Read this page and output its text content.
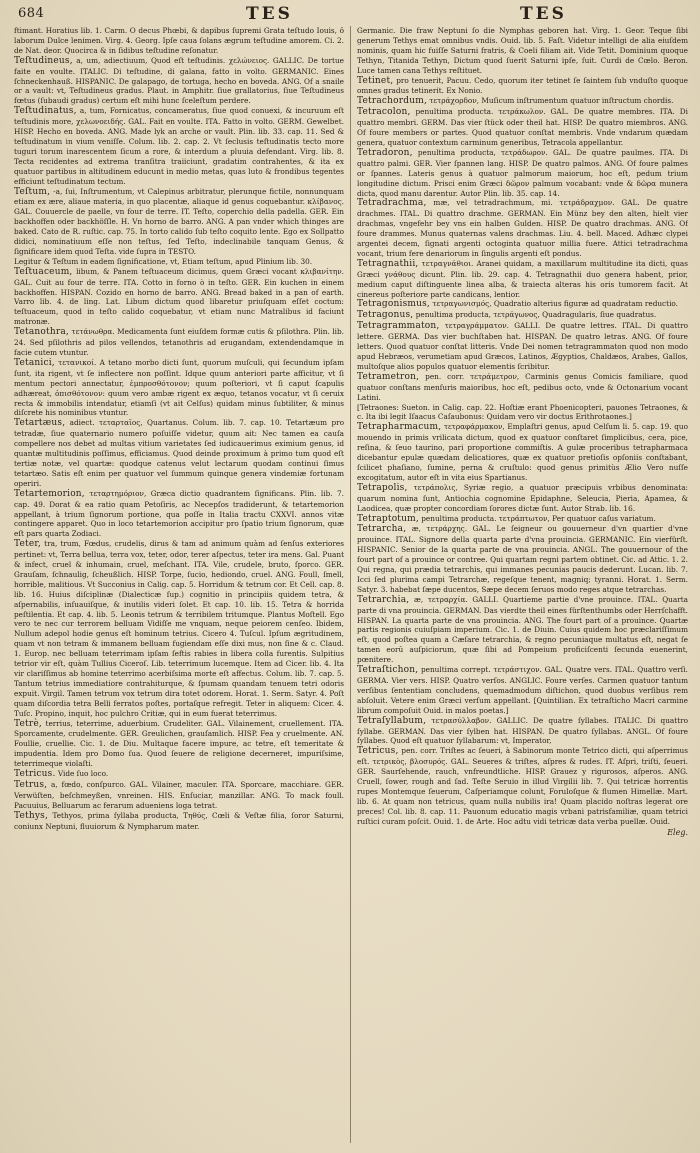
684	TES	TES

ftimant. Horatius lib. 1. Carm. O decus Phœbi, & dapibus ſupremi Grata teſtudo Iouis, ô laborum Dulce lenimen. Virg. 4. Georg. Ipſe caua ſolans ægrum teſtudine amorem. Ci. 2. de Nat. deor. Quocirca & in ſidibus teſtudine reſonatur.

Teſtudineus, a, um, adiectiuum, Quod eſt teſtudinis. χελώνειος. GALLIC. De tortue faite en voulte. ITALIC. Di teſtudine, di galana, fatto in volto. GERMANIC. Eines ſchneckenhauß. HISPANIC. De galapago, de tortuga, hecho en boveda. ANG. Of a snaile or a vault: vt, Teſtudineus gradus. Plaut. in Amphitr. ſiue grallatorius, ſiue Teſtudineus fœtus (ſubaudi gradus) certum eſt mihi hunc ſceleſtum perdere.

Teſtudinatus, a, tum, Fornicatus, concameratus, ſiue quod conuexi, & incuruum eſt teſtudinis more, χελωνοειδής. GAL. Fait en voulte. ITA. Fatto in volto. GERM. Gewelbet. HISP. Hecho en boveda. ANG. Made lyk an arche or vault. Plin. lib. 33. cap. 11. Sed & teſtudinatum in vium veniſſe. Colum. lib. 2. cap. 2. Vt ſeclusis teſtudinatis tecto more tuguri torum inarescentem ſicum a rore, & interdum a pluuia defendant. Virg. lib. 8. Tecta recidentes ad extrema tranſitra traiiciunt, gradatim contrahentes, & ita ex quatuor partibus in altitudinem educunt in medio metas, quas luto & frondibus tegentes efficiunt teſtudinatum tectum.

Teſtum, -a, ſui, Inſtrumentum, vt Calepinus arbitratur, plerunque fictile, nonnunquam etiam ex ære, aliaue materia, in quo placentæ, aliaque id genus coquebantur. κλίβανος. GAL. Couuercle de paelle, vn four de terre. IT. Teſto, coperchio della padella. GER. Ein backhoffen oder backhöſſle. H. Vn horno de barro. ANG. A pan vnder which thinges are baked. Cato de R. ruſtic. cap. 75. In torto calido ſub teſto coquito lente. Ego ex Sollpatto didici, nominatiuum eſſe non teſtus, ſed Teſto, indeclinabile tanquam Genus, & ſignificare idem quod Teſta. vide ſupra in TESTO.

Legitur & Teſtum in eadem ſignificatione, vt, Etiam teſtum, apud Plinium lib. 30.

Teſtuaceum, libum, & Panem teſtuaceum dicimus, quem Græci vocant κλιβανίτην. GAL. Cuit au four de terre. ITA. Cotto in forno ò in teſto. GER. Ein kuchen in einem backhoffen. HISPAN. Cozido en horno de barro. ANG. Bread baked in a pan of earth. Varro lib. 4. de ling. Lat. Libum dictum quod libaretur priuſquam eſſet coctum: teſtuaceum, quod in teſto calido coquebatur, vt etiam nunc Matralibus id faciunt matronæ.

Tetanothra, τετάνωθρα. Medicamenta ſunt eiuſdem formæ cutis & pſilothra. Plin. lib. 24. Sed pſilothris ad pilos vellendos, tetanothris ad erugandam, extendendamque in facie cutem vtuntur.

Tetanici, τετανικοί. A tetano morbo dicti ſunt, quorum muſculi, qui ſecundum ipſam ſunt, ita rigent, vt ſe inflectere non poſſint. Idque quum anteriori parte afficitur, vt ſi mentum pectori annectatur, ἐμπροσθότονον; quum poſteriori, vt ſi caput ſcapulis adhæreat, ὀπισθότονον: quum vero ambæ rigent ex æquo, tetanos vocatur, vt ſi ceruix recta & immobilis intendatur, etiamſi (vt ait Celſus) quidam minus ſubtiliter, & minus diſcrete his nominibus vtuntur.

Tetartæus, adiect. τεταρταῖος, Quartanus. Colum. lib. 7. cap. 10. Tetartæum pro tetradæ, ſiue quaternario numero poſuiſſe videtur, quum ait: Nec tamen ea cauſa compellere nos debet ad multas vitium varietates ſed iudicauerimus eximium genus, id quantæ multitudinis poſſimus, efficiamus. Quod deinde proximum à primo tum quod eſt tertiæ notæ, vel quartæ: quodque catenus velut lectarum quodam continui ſimus tetartæo. Satis eſt enim per quatuor vel ſummum quinque genera vindemiæ fortunam operiri.

Tetartemorion, τεταρτημόριον, Græca dictio quadrantem ſignificans. Plin. lib. 7. cap. 49. Dorat & ea ratio quam Petoſiris, ac Necepſos tradiderunt, & tetartemorion appellant, à trium ſignorum portione, qua poſſe in Italia tractu CXXVI. annos vitæ contingere apparet. Quo in loco tetartemorion accipitur pro ſpatio trium ſignorum, quæ eſt pars quarta Zodiaci.

Teter, tra, trum, Fœdus, crudelis, dirus & tam ad animum quàm ad ſenſus exteriores pertinet: vt, Terra bellua, terra vox, teter, odor, terer aſpectus, teter ira mens. Gal. Puant & infect, cruel & inhumain, cruel, meſchant. ITA. Vile, crudele, bruto, ſporco. GER. Grauſam, ſchnaulig, ſcheußlich. HISP. Torpe, ſucio, hediondo, cruel. ANG. Foull, ſmell, horrible, malitious. Vt Succonius in Calig. cap. 5. Horridum & tetrum cor. Et Cell. cap. 8. lib. 16. Huius diſciplinæ (Dialecticæ ſup.) cognitio in principiis quidem tetra, & aſpernabilis, inſuauiſque, & inutilis videri ſolet. Et cap. 10. lib. 15. Tetra & horrida peſtilentia. Et cap. 4. lib. 5. Leonis tetrum & terribilem tritumque. Plantus Moſtell. Ego vero te nec cur terrorem belluam Vidiſſe me vnquam, neque peiorem cenſeo. Ibidem, Nullum adepol hodie genus eſt hominum tetrius. Cicero 4. Tuſcul. Ipſum ægritudinem, quam vt non tetram & immanem belluam fugiendam eſſe dixi mus, non ſine & c. Claud. 1. Europ. nec belluam teterrimam ipſam ſeftis rabies in libera colla furentis. Sulpitius tetrior vir eſt, quàm Tullius Ciceroſ. Lib. teterrimum lucemque. Item ad Cicer. lib. 4. Ita vir clariſſimus ab homine teterrimo acerbiſsima morte eſt affectus. Colum. lib. 7. cap. 5. Tantum tetrius immediatiore contrahiturque, & ſpumam quandam tenuem tetri odoris expuit. Virgil. Tamen tetrum vox tetrum dira totet odorem. Horat. 1. Serm. Satyr. 4. Poſt quam diſcordia tetra Belli ferratos poſtes, portaſque refregit. Teter in aliquem: Cicer. 4. Tuſc. Propino, inquit, hoc pulchro Critiæ, qui in eum fuerat teterrimus.

Tetrè, terrius, teterrime, aduerbium. Crudeliter. GAL. Vilainement, cruellement. ITA. Sporcamente, crudelmente. GER. Greulichen, grauſamlich. HISP. Fea y cruelmente. AN. Foullie, cruellie. Cic. 1. de Diu. Multaque facere impure, ac tetre, eſt temeritate & impudentia. Idem pro Domo ſua. Quod ſeuere de religione decerneret, impuriſsime, teterrimeque violaſti.

Tetricus. Vide ſuo loco.

Tetrus, a, fœdo, conſpurco. GAL. Vilainer, maculer. ITA. Sporcare, macchiare. GER. Verwüſten, beſchmeyßen, vnreinen. HIS. Enſuciar, manzillar. ANG. To mack foull. Pacuuius, Belluarum ac ferarum adueniens loga tetrat.

Tethys, Tethyos, prima ſyllaba producta, Τηθύς, Cœli & Veſtæ filia, ſoror Saturni, coniunx Neptuni, fluuiorum & Nympharum mater.

Germanic. Die fraw Neptuni ſo die Nymphas geboren hat. Virg. 1. Geor. Teque ſibi generum Tethys emat omnibus vndis. Ouid. lib. 5. Faſt. Videtur intelligi de alia eiuſdem nominis, quam hic fuiſſe Saturni fratris, & Coeli filiam ait. Vide Tetit. Dominium quoque Tethyn, Titanida Tethyn, Dictum quod ſuerit Saturni ipſe, ſuit. Curdi de Cœlo. Beron. Luce tamen cana Tethys reſtituet.

Tetinet, pro tenuerit, Pacuu. Cedo, quorum iter tetinet ſe ſaintem ſub vnduſto quoque omnes gradus tetinerit. Ex Nonio.

Tetrachordum, τετράχορδον, Muſicum inſtrumentum quatuor inſtructum chordis.

Tetracolon, penultima producta. τετράκωλον. GAL. De quatre membres. ITA. Di quattro membri. GERM. Das vier ſtück oder theil hat. HISP. De quatro miembros. ANG. Of foure members or partes. Quod quatuor conſtat membris. Vnde vndarum quædam genera, quatuor contextum carminum generibus, Tetracola appellantur.

Tetradoron, penultima producta, τετράδωρον. GAL. De quatre paulmes. ITA. Di quattro palmi. GER. Vier ſpannen lang. HISP. De quatro palmos. ANG. Of foure palmes or ſpannes. Lateris genus à quatuor palmorum maiorum, hoc eſt, pedum trium longitudine dictum. Prisci enim Græci δῶρον palmum vocabant: vnde & δῶρα munera dicta, quod manu darentur. Autor Plin. lib. 35. cap. 14.

Tetradrachma, mæ, vel tetradrachmum, mi. τετράδραχμον. GAL. De quatre drachmes. ITAL. Di quattro drachme. GERMAN. Ein Münz bey den alten, hielt vier drachmas, vngefehr bey vns ein halben Gulden. HISP. De quatro drachmas. ANG. Of foure drammes. Munus quaternas valens drachmas. Liu. 4. bell. Maced. Adhæc clypei argentei decem, ſignati argenti octoginta quatuor millia fuere. Attici tetradrachma vocant, trium fere denariorum in ſingulis argenti eſt pondus.

Tetragnathii, τετραγνάθιοι. Aranei quidam, a maxillarum multitudine ita dicti, quas Græci γνάθους dicunt. Plin. lib. 29. cap. 4. Tetragnathii duo genera habent, prior, medium caput diſtinguente linea alba, & traiecta alteras his oris tumorem facit. At cinereus poſteriore parte candicans, lentior.

Tetragonismus, τετραγωνισμός, Quadratio alterius figuræ ad quadratam reductio.

Tetragonus, penultima producta, τετράγωνος, Quadragularis, ſiue quadratus.

Tetragrammaton, τετραγράμματον. GALLI. De quatre lettres. ITAL. Di quattro lettere. GERMA. Das vier buchſtaben hat. HISPAN. De quatro letras. ANG. Of foure letters. Quod quatuor conſtat litteris. Vnde Dei nomen tetragrammaton quod non modo apud Hebræos, verumetiam apud Græcos, Latinos, Ægyptios, Chaldæos, Arabes, Gallos, multoſque alios populos quatuor elementis ſcribitur.

Tetrametron, pen. corr. τετράμετρον, Carminis genus Comicis familiare, quod quatuor conſtans menſuris maioribus, hoc eſt, pedibus octo, vnde & Octonarium vocant Latini.

[Tetraones: Sueton. in Calig. cap. 22. Hoſtiæ erant Phoenicopteri, pauones Tetraones, & c. Ita ibi legit Iſaacus Caſaubonus: Quidam vero vir doctus Erithrotaones.]

Tetrapharmacum, τετραφάρμακον, Emplaſtri genus, apud Celſum li. 5. cap. 19. quo mouendo in primis vrilicata dictum, quod ex quatuor conſtaret ſimplicibus, cera, pice, reſina, & ſeuo taurino, pari proportione commiſtis. A gulæ proceribus tetrapharmaca dicebantur epulæ quædam delicatiores, quæ ex quatuor pretioſis opſoniis conſtabant, ſcilicet phaſiano, ſumine, perna & cruſtulo: quod genus primitùs Ælio Vero nuſſe excogitatum, autor eſt in vita eius Spartianus.

Tetrapolis, τετράπολις, Syriæ regio, a quatuor præcipuis vrbibus denominata: quarum nomina ſunt, Antiochia cognomine Epidaphne, Seleucia, Pieria, Apamea, & Laodicea, quæ propter concordiam ſorores dictæ ſunt. Autor Strab. lib. 16.

Tetraptotum, penultima producta. τετράπτωτον, Per quatuor caſus variatum.

Tetrarcha, æ, τετράρχης. GAL. Le ſeigneur ou gouuerneur d'vn quartier d'vne prouince. ITAL. Signore della quarta parte d'vna prouincia. GERMANIC. Ein vierfürſt. HISPANIC. Senior de la quarta parte de vna prouincia. ANGL. The gouuernour of the fourt part of a prouince or contree. Qui quartam regni partem obtinet. Cic. ad Attic. 1. 2. Qui regna, qui prædia tetrarchis, qui immanes pecunias paucis dederunt. Lucan. lib. 7. Icci ſed plurima campi Tetrarchæ, regeſque tenent, magniq; tyranni. Horat. 1. Serm. Satyr. 3. habebat ſæpe ducentos, Sæpe decem ſeruos modo reges atque tetrarchas.

Tetrarchia, æ, τετραρχία. GALLI. Quartieme partie d'vne prouince. ITAL. Quarta parte di vna prouincia. GERMAN. Das vierdte theil eines fürſtenthumbs oder Herrſchafft. HISPAN. La quarta parte de vna prouincia. ANG. The fourt part of a prouince. Quartæ partis regionis cuiuſpiam imperium. Cic. 1. de Diuin. Cuius quidem hoc præclariſſimum eſt, quod poſtea quam a Cæſare tetrarchia, & regno pecuniaque multatus eſt, negat ſe tamen eorū auſpiciorum, quæ ſibi ad Pompeium proficiſcenti ſecunda euenerint, pœnitere.

Tetraſtichon, penultima corrept. τετράστιχον. GAL. Quatre vers. ITAL. Quattro verſi. GERMA. Vier vers. HISP. Quatro verſos. ANGLIC. Foure verſes. Carmen quatuor tantum verſibus ſententiam concludens, quemadmodum diſtichon, quod duobus verſibus rem abſoluit. Vetere enim Græci verſum appellant. [Quintilian. Ex tetraſticho Macri carmine librum compoſuit Ouid. in malos poetas.]

Tetraſyllabum, τετρασύλλαβον. GALLIC. De quatre ſyllabes. ITALIC. Di quattro ſyllabe. GERMAN. Das vier ſylben hat. HISPAN. De quatro ſyllabas. ANGL. Of foure ſyllabes. Quod eſt quatuor ſyllabarum: vt, Imperator,

Tetricus, pen. corr. Triſtes ac ſeueri, à Sabinorum monte Tetrico dicti, qui aſperrimus eſt. τετρικὸς, βλοσυρός. GAL. Seueres & triſtes, aſpres & rudes. IT. Aſpri, triſti, ſeueri. GER. Saurſehende, rauch, vnfreundtliche. HISP. Grauez y rigurosos, aſperos. ANG. Cruell, ſower, rough and ſad. Teſte Seruio in illud Virgilii lib. 7. Qui tetricæ horrentis rupes Montemque ſeuerum, Caſperiamque colunt, Foruloſque & flumen Himellæ. Mart. lib. 6. At quam non tetricus, quam nulla nubilis ira! Quam placido noſtras legerat ore preces! Col. lib. 8. cap. 11. Pauonum educatio magis vrbani patrisfamiliæ, quam tetrici ruſtici curam poſcit. Ouid. 1. de Arte. Hoc adtu vidi tetricæ data verba puellæ. Ouid.

Eleg.
